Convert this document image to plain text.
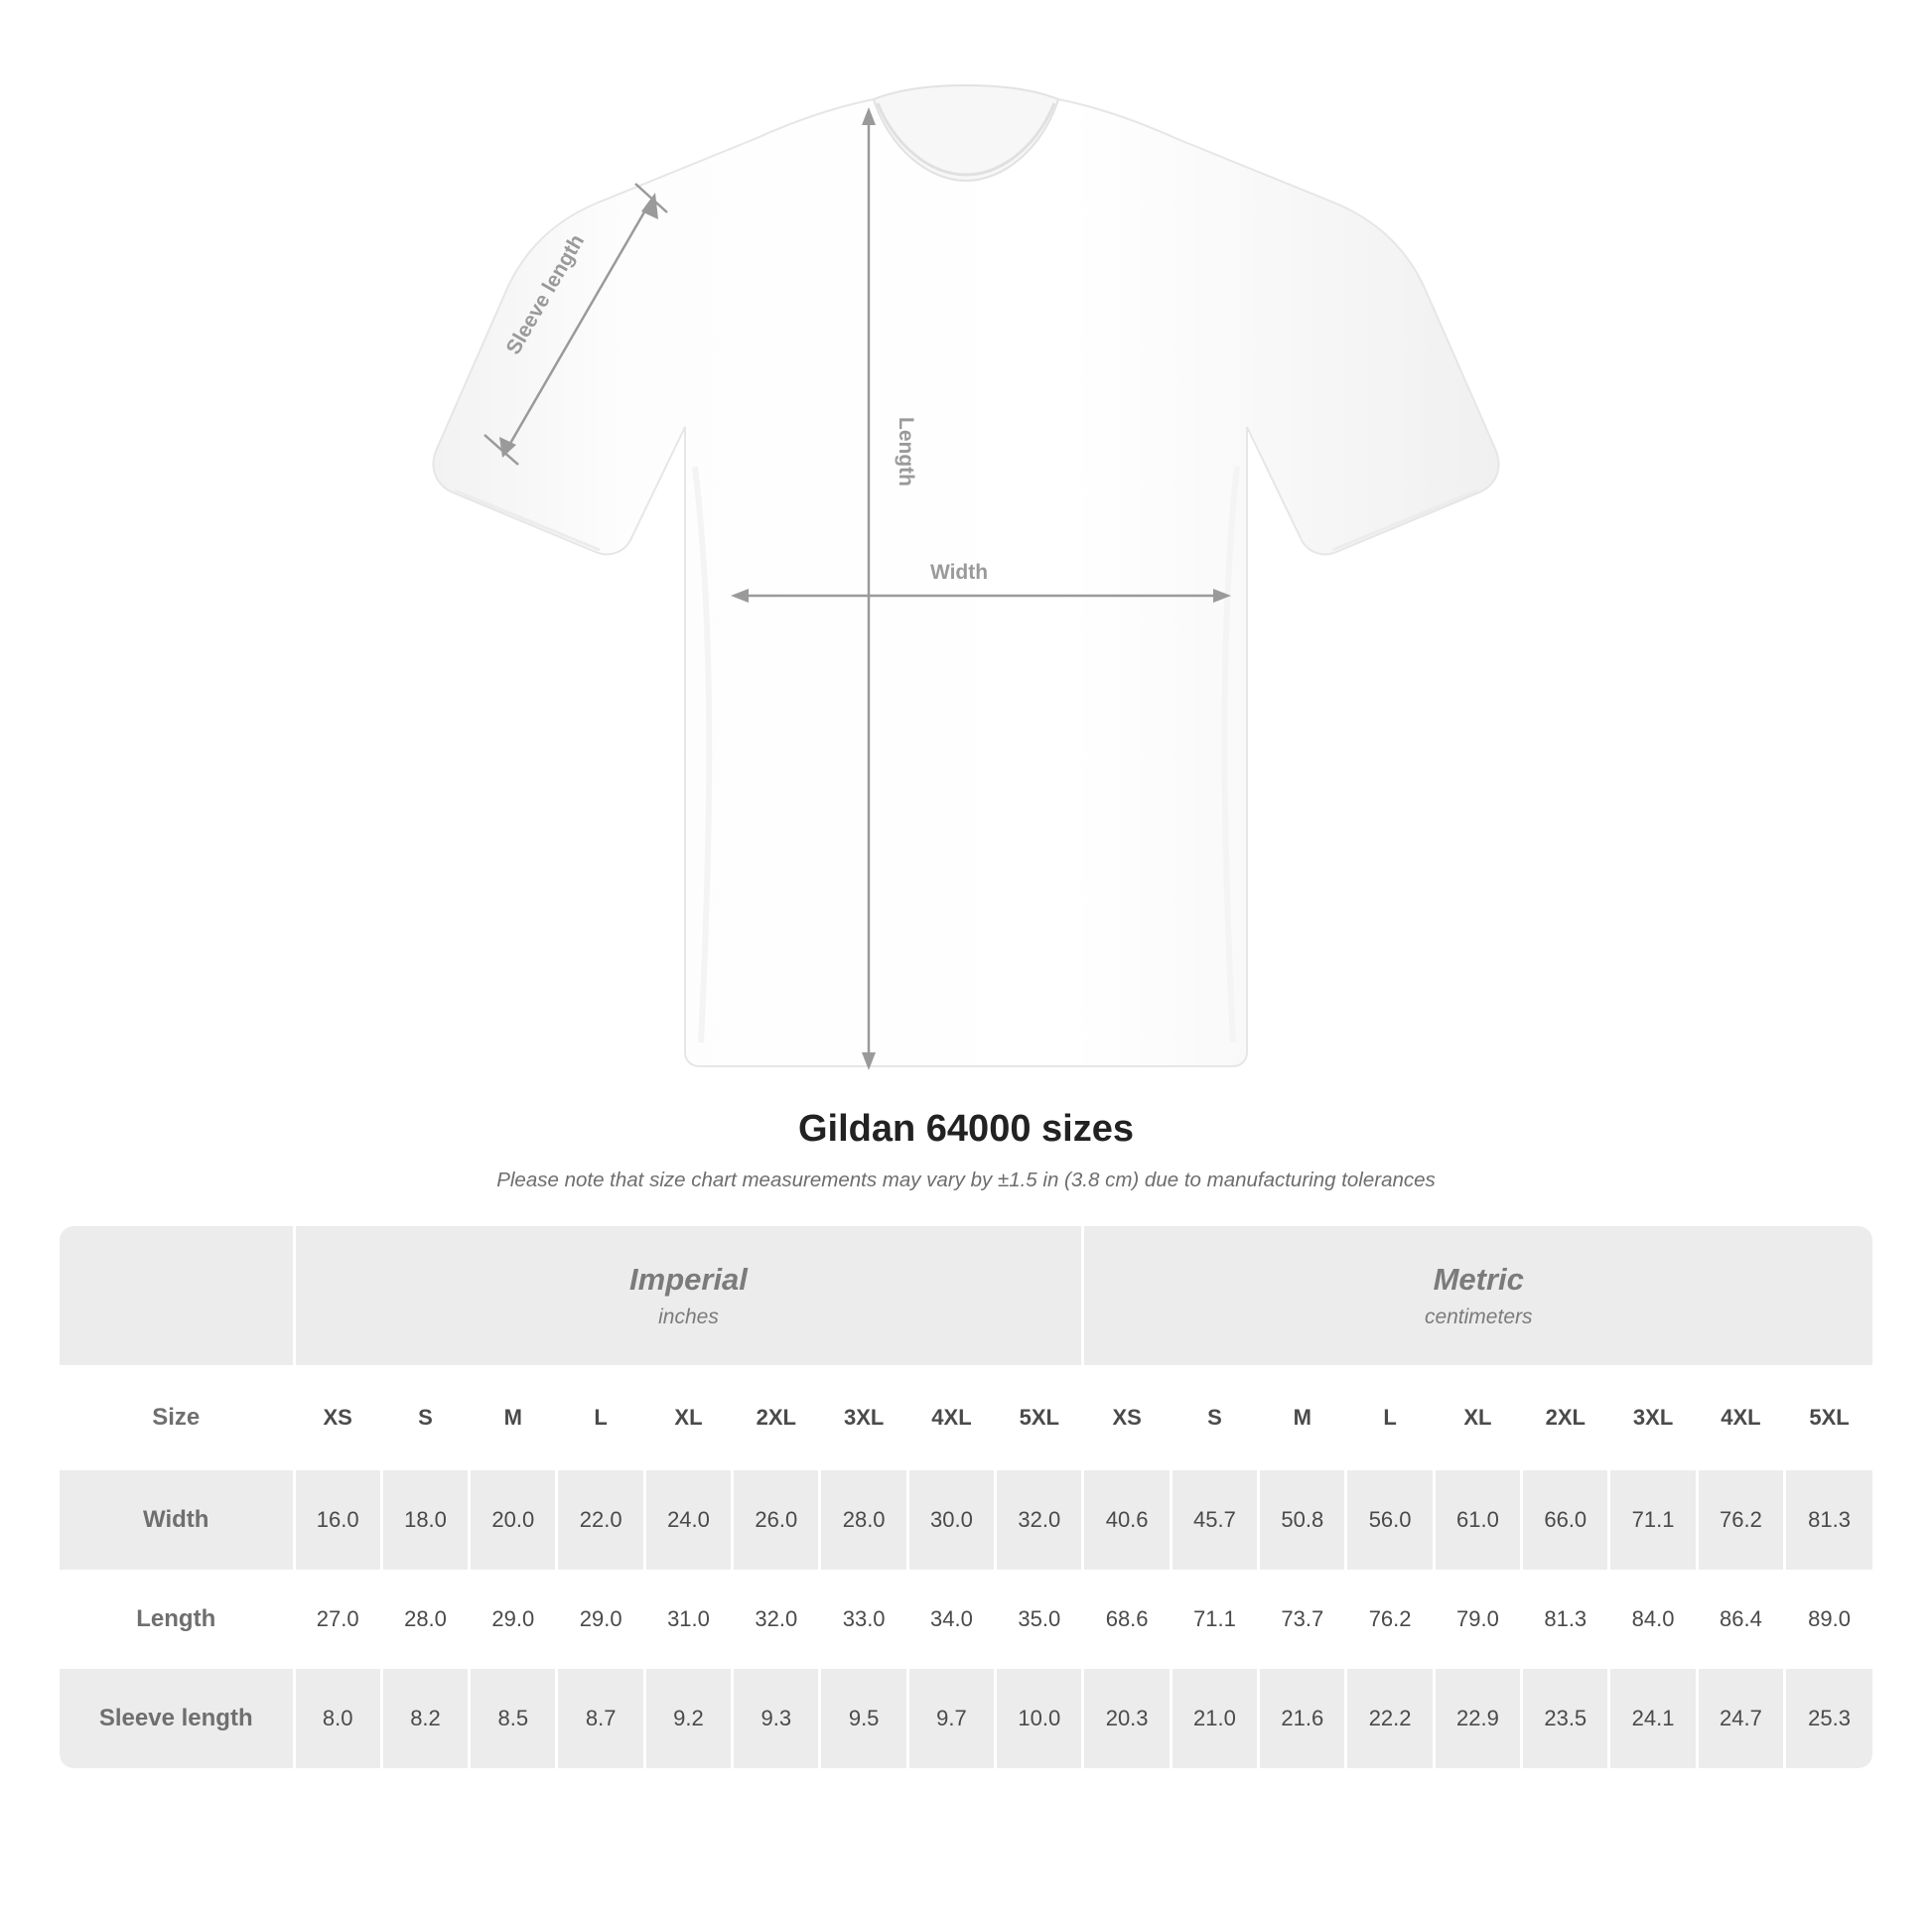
Length
Width
Sleeve length
Gildan 64000 sizes
Please note that size chart measurements may vary by ±1.5 in (3.8 cm) due to manufacturing tolerances

Imperial
inches

Metric
centimeters

Size	XS	S	M	L	XL	2XL	3XL	4XL	5XL	XS	S	M	L	XL	2XL	3XL	4XL	5XL
Width	16.0	18.0	20.0	22.0	24.0	26.0	28.0	30.0	32.0	40.6	45.7	50.8	56.0	61.0	66.0	71.1	76.2	81.3
Length	27.0	28.0	29.0	29.0	31.0	32.0	33.0	34.0	35.0	68.6	71.1	73.7	76.2	79.0	81.3	84.0	86.4	89.0
Sleeve length	8.0	8.2	8.5	8.7	9.2	9.3	9.5	9.7	10.0	20.3	21.0	21.6	22.2	22.9	23.5	24.1	24.7	25.3
